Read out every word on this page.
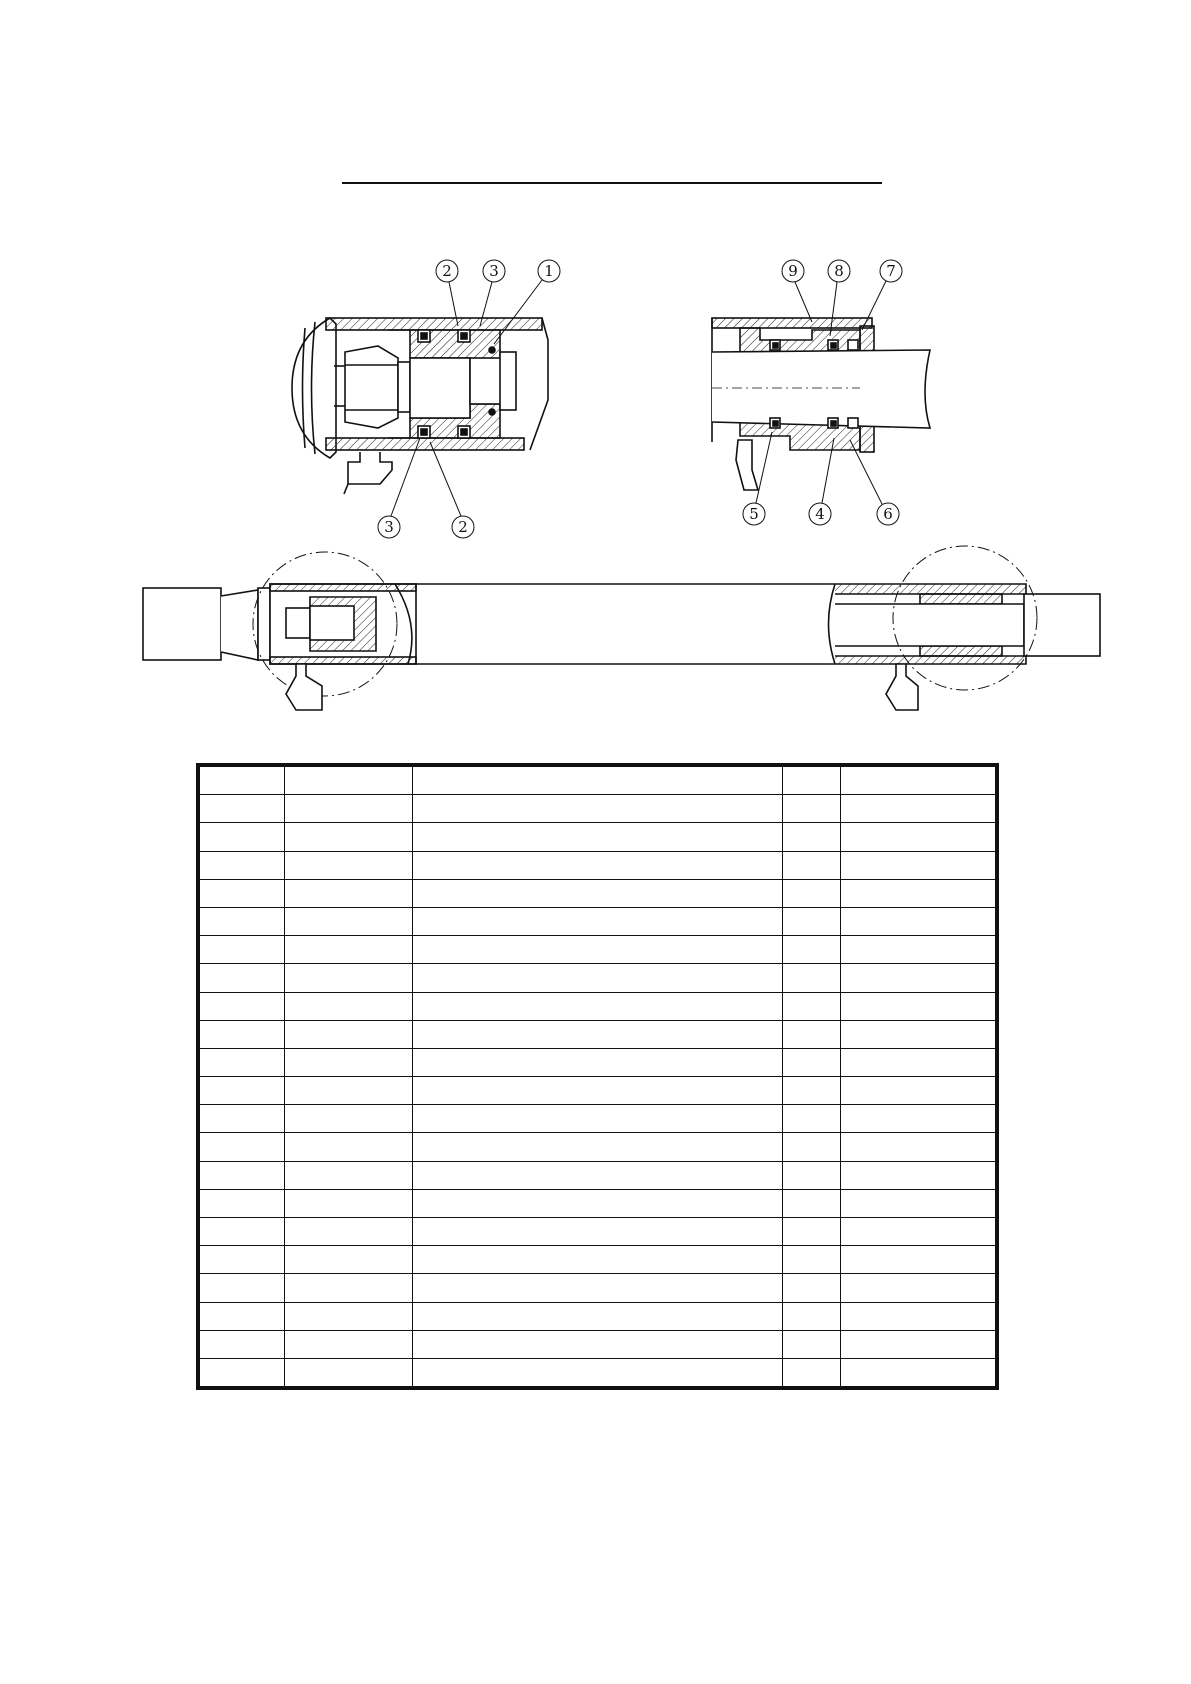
2 3	1
3	2
9 8	7
5	4	6
